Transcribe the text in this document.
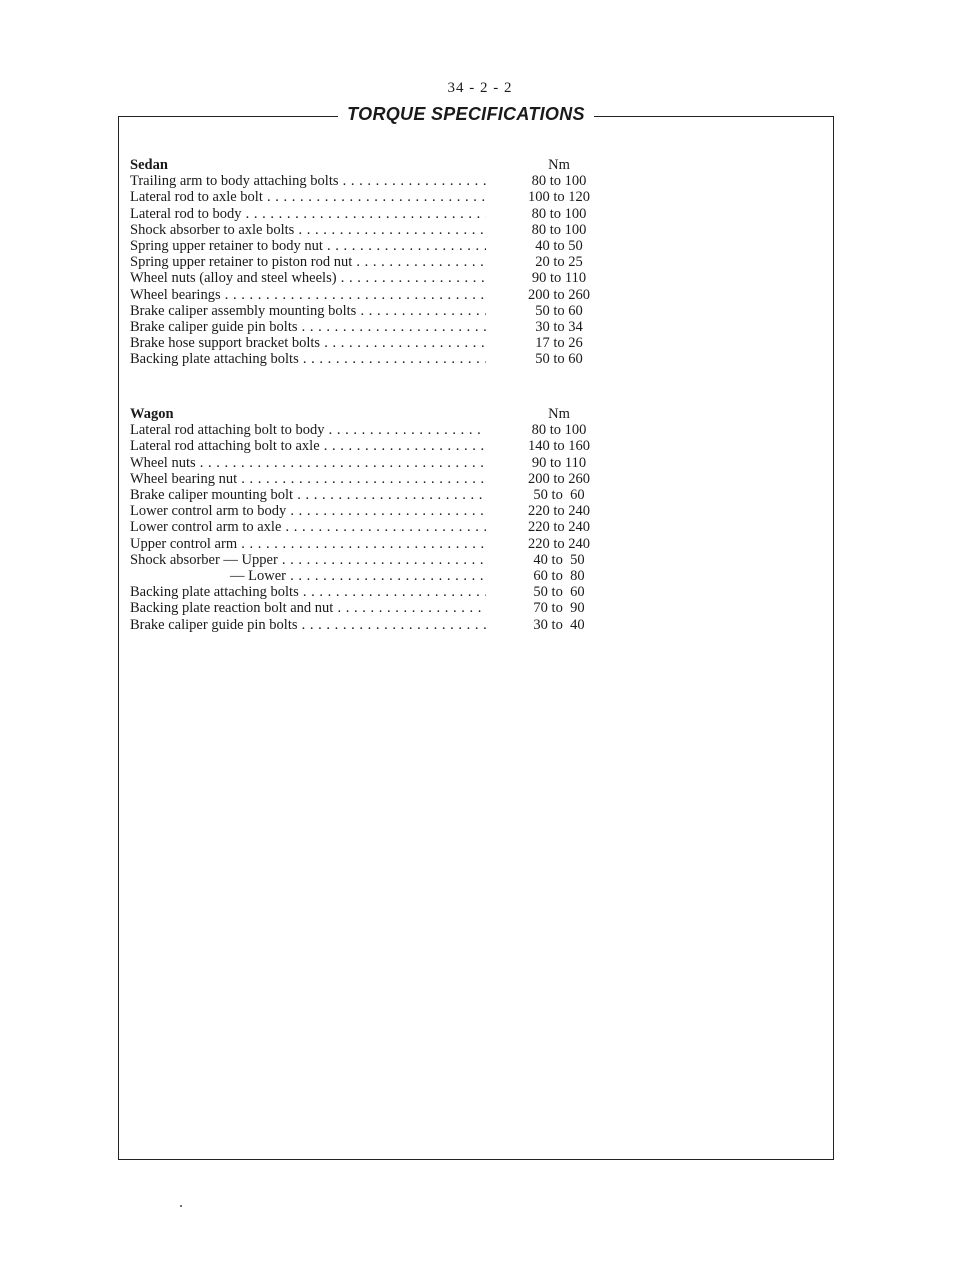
34 - 2 - 2
TORQUE SPECIFICATIONS
Sedan	Nm
Trailing arm to body attaching bolts . . .	80 to 100
Lateral rod to axle bolt . . .	100 to 120
Lateral rod to body . . .	80 to 100
Shock absorber to axle bolts . . .	80 to 100
Spring upper retainer to body nut . . .	40 to 50
Spring upper retainer to piston rod nut . . .	20 to 25
Wheel nuts (alloy and steel wheels) . . .	90 to 110
Wheel bearings . . .	200 to 260
Brake caliper assembly mounting bolts . . .	50 to 60
Brake caliper guide pin bolts . . .	30 to 34
Brake hose support bracket bolts . . .	17 to 26
Backing plate attaching bolts . . .	50 to 60
Wagon	Nm
Lateral rod attaching bolt to body . . .	80 to 100
Lateral rod attaching bolt to axle . . .	140 to 160
Wheel nuts . . .	90 to 110
Wheel bearing nut . . .	200 to 260
Brake caliper mounting bolt . . .	50 to  60
Lower control arm to body . . .	220 to 240
Lower control arm to axle . . .	220 to 240
Upper control arm . . .	220 to 240
Shock absorber — Upper . . .	40 to  50
— Lower . . .	60 to  80
Backing plate attaching bolts . . .	50 to  60
Backing plate reaction bolt and nut . . .	70 to  90
Brake caliper guide pin bolts . . .	30 to  40
